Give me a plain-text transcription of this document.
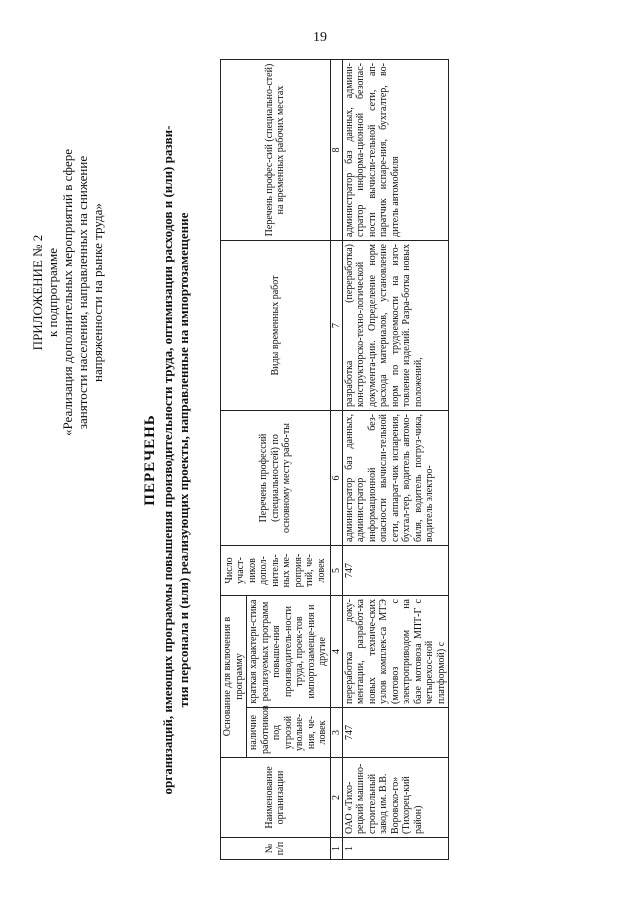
19
ПРИЛОЖЕНИЕ № 2 к подпрограмме «Реализация дополнительных мероприятий в сфере занятости населения, направленных на снижение напряженности на рынке труда»
ПЕРЕЧЕНЬ организаций, имеющих программы повышения производительности труда, оптимизации расходов и (или) разви- тия персонала и (или) реализующих проекты, направленные на импортозамещение
№ п/п	Наименование организации	Основание для включения в программу		Число участ-ников допол-нитель-ных ме-роприя-тий, че-ловек	Перечень профессий (специальностей) по основному месту рабо-ты	Виды временных работ	Перечень профес-сий (специально-стей) на временных рабочих местах
		наличие работников под угрозой увольне-ния, че-ловек	краткая характери-стика реализуемых программ повыше-ния производитель-ности труда, проек-тов импортозамеще-ния и другие				
1	2	3	4	5	6	7	8
1	ОАО «Тихо-рецкий машино-строительный завод им. В.В. Воровско-го» (Тихорец-кий район)	747	переработка доку-ментации, разработ-ка новых техниче-ских узлов комплек-са МТЭ (мотовоз с электроприводом на базе мотовоза МПТ-Г с четырехос-ной платформой) с	747	администратор баз данных, администратор информационной без-опасности вычисли-тельной сети, аппарат-чик испарения, бухгал-тер, водитель автомо-биля, водитель погруз-чика, водитель электро-	разработка (переработка) конструкторско-техно-логической документа-ции. Определение норм расхода материалов, установление норм по трудоемкости на изго-товление изделий. Разра-ботка новых положений,	администратор баз данных, админи-стратор информа-ционной безопас-ности вычисли-тельной сети, ап-паратчик испаре-ния, бухгалтер, во-дитель автомобиля
